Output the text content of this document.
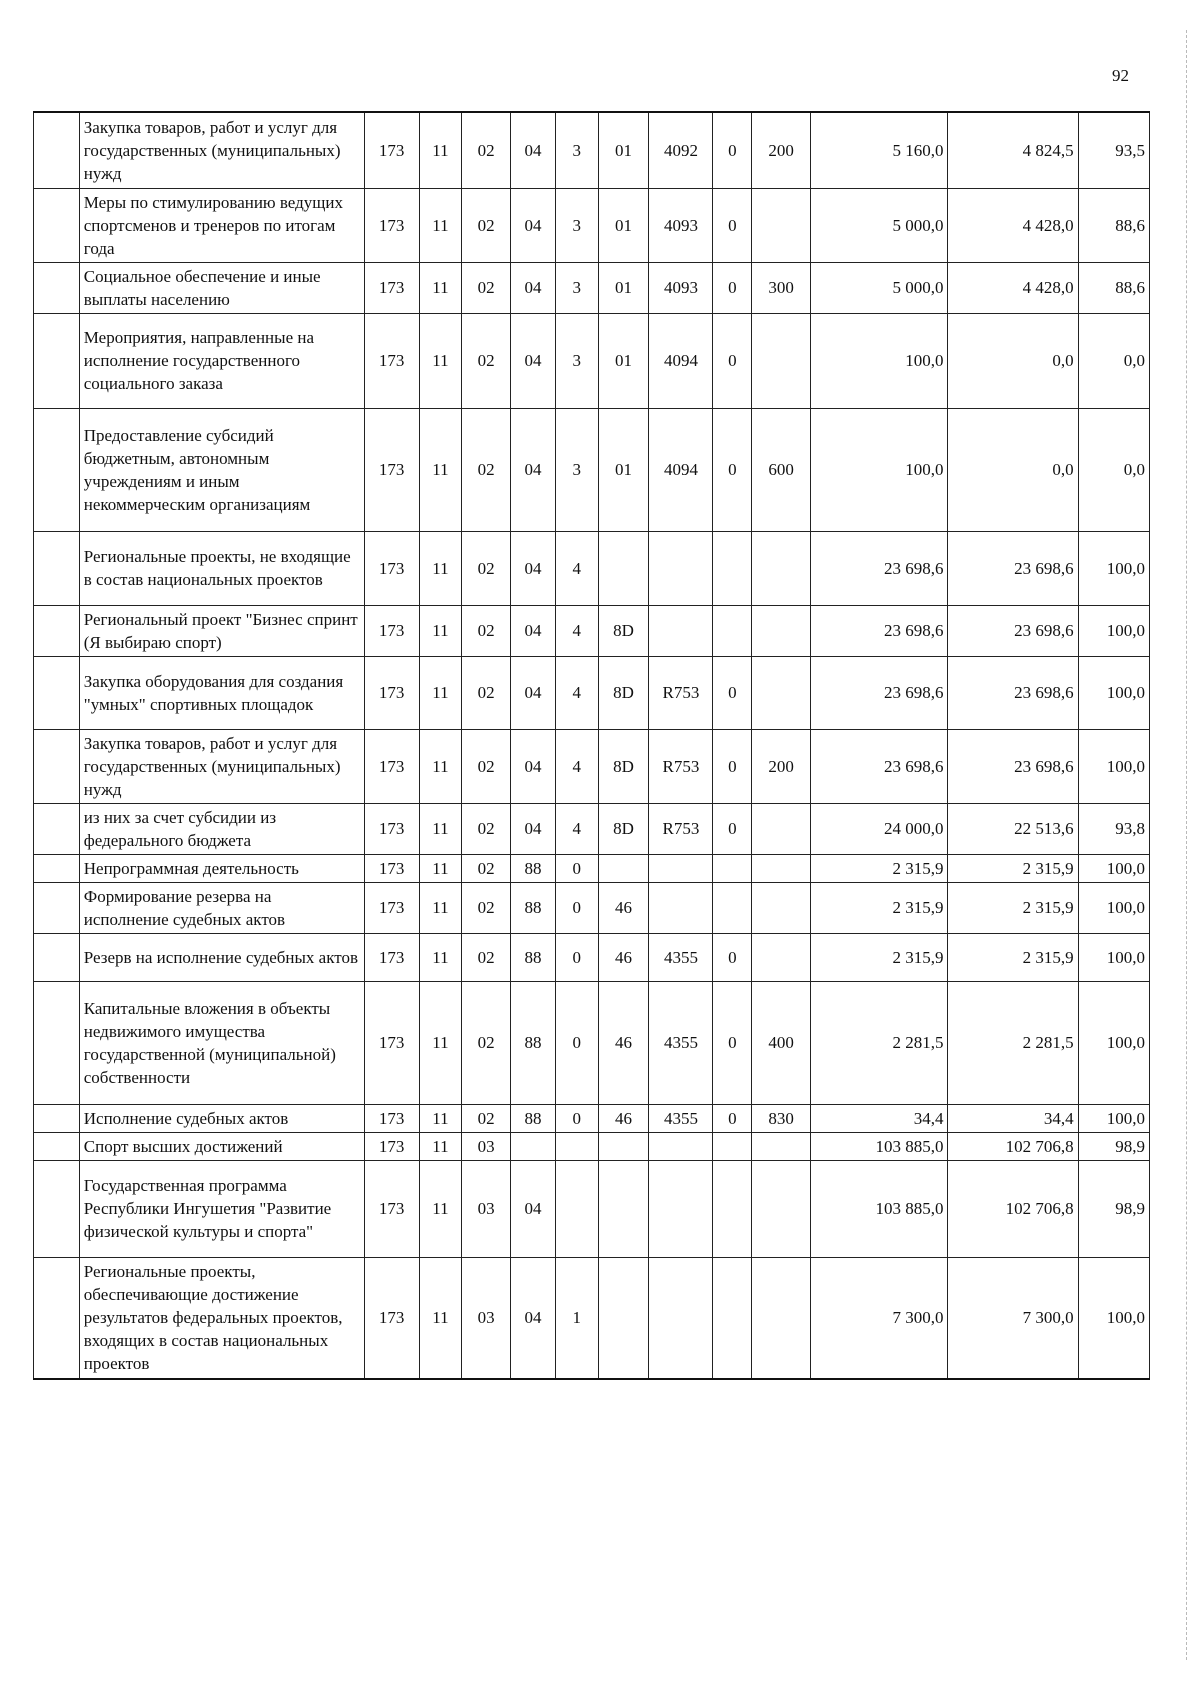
92
	Закупка товаров, работ и услуг для государственных (муниципальных) нужд	173	11	02	04	3	01	4092	0	200	5 160,0	4 824,5	93,5
	Меры по стимулированию ведущих спортсменов и тренеров по итогам года	173	11	02	04	3	01	4093	0		5 000,0	4 428,0	88,6
	Социальное обеспечение и иные выплаты населению	173	11	02	04	3	01	4093	0	300	5 000,0	4 428,0	88,6
	Мероприятия, направленные на исполнение государственного социального заказа	173	11	02	04	3	01	4094	0		100,0	0,0	0,0
	Предоставление субсидий бюджетным, автономным учреждениям и иным некоммерческим организациям	173	11	02	04	3	01	4094	0	600	100,0	0,0	0,0
	Региональные проекты, не входящие в состав национальных проектов	173	11	02	04	4					23 698,6	23 698,6	100,0
	Региональный проект "Бизнес спринт (Я выбираю спорт)	173	11	02	04	4	8D				23 698,6	23 698,6	100,0
	Закупка оборудования для создания "умных" спортивных площадок	173	11	02	04	4	8D	R753	0		23 698,6	23 698,6	100,0
	Закупка товаров, работ и услуг для государственных (муниципальных) нужд	173	11	02	04	4	8D	R753	0	200	23 698,6	23 698,6	100,0
	из них за счет субсидии из федерального бюджета	173	11	02	04	4	8D	R753	0		24 000,0	22 513,6	93,8
	Непрограммная деятельность	173	11	02	88	0					2 315,9	2 315,9	100,0
	Формирование резерва на исполнение судебных актов	173	11	02	88	0	46				2 315,9	2 315,9	100,0
	Резерв на исполнение судебных актов	173	11	02	88	0	46	4355	0		2 315,9	2 315,9	100,0
	Капитальные вложения в объекты недвижимого имущества государственной (муниципальной) собственности	173	11	02	88	0	46	4355	0	400	2 281,5	2 281,5	100,0
	Исполнение судебных актов	173	11	02	88	0	46	4355	0	830	34,4	34,4	100,0
	Спорт высших достижений	173	11	03							103 885,0	102 706,8	98,9
	Государственная программа Республики Ингушетия "Развитие физической культуры и спорта"	173	11	03	04						103 885,0	102 706,8	98,9
	Региональные проекты, обеспечивающие достижение результатов федеральных проектов, входящих в состав национальных проектов	173	11	03	04	1					7 300,0	7 300,0	100,0
